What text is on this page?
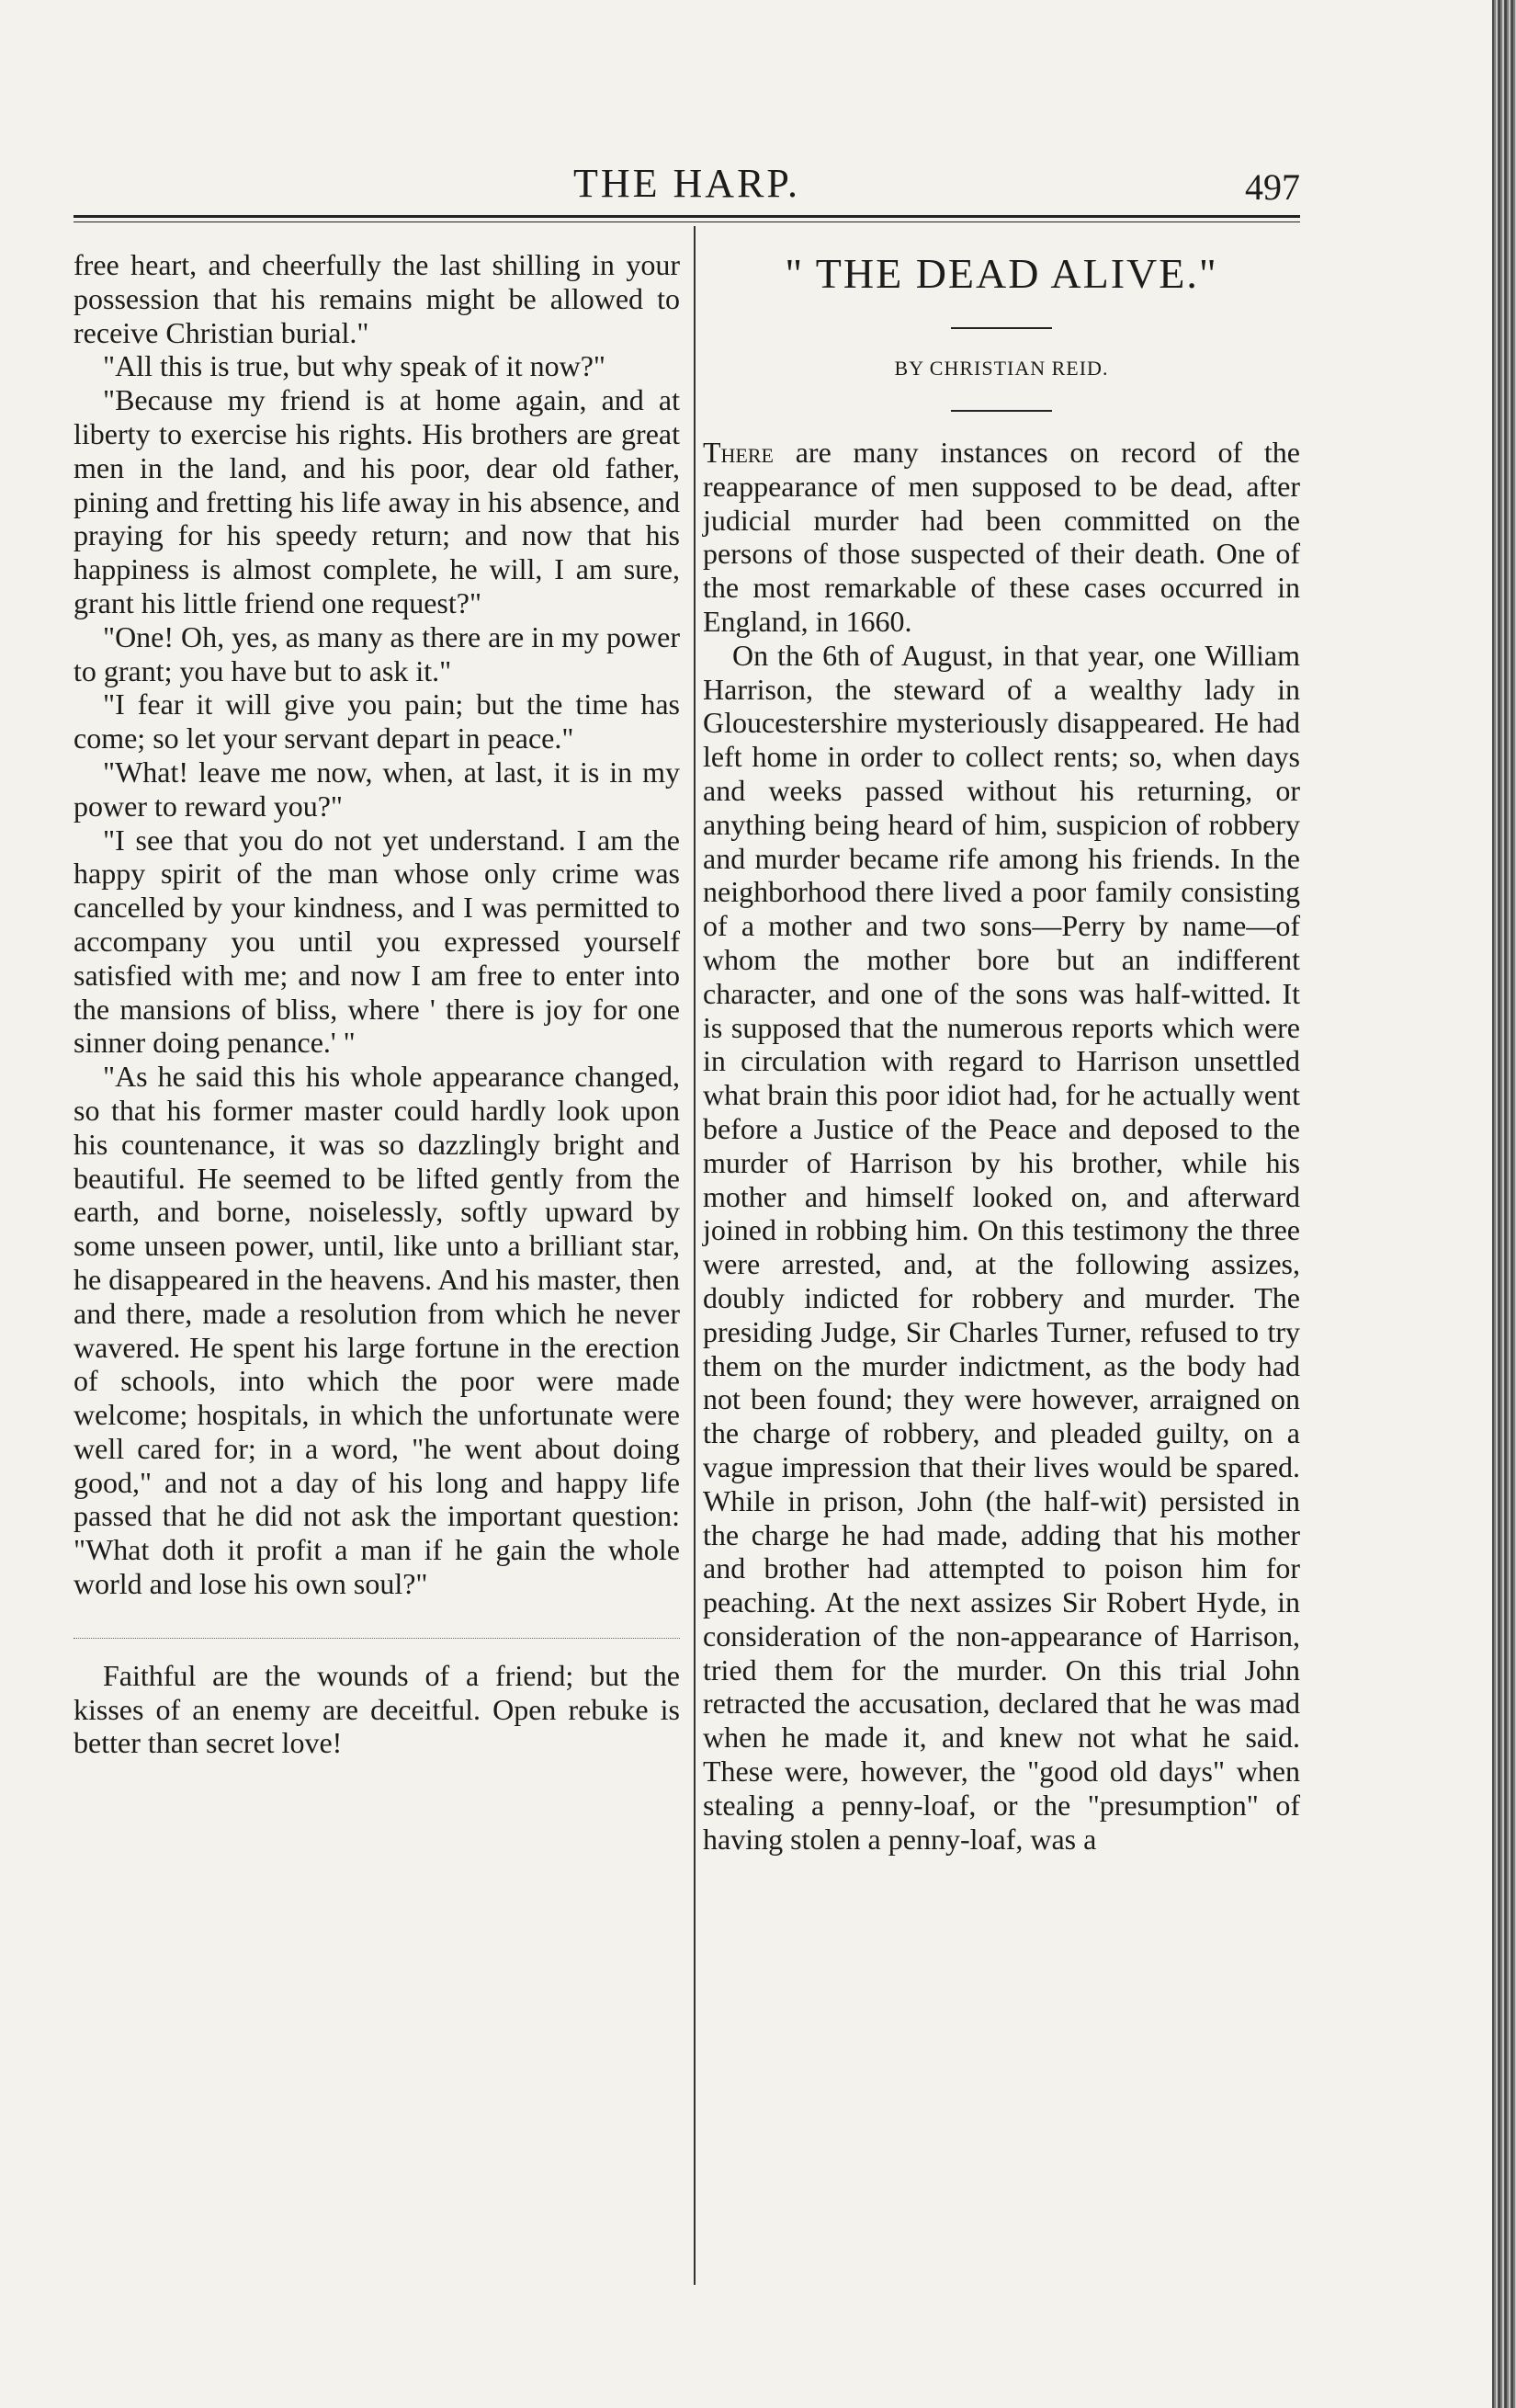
THE HARP.	497

free heart, and cheerfully the last shilling in your possession that his remains might be allowed to receive Christian burial."

"All this is true, but why speak of it now?"

"Because my friend is at home again, and at liberty to exercise his rights. His brothers are great men in the land, and his poor, dear old father, pining and fretting his life away in his absence, and praying for his speedy return; and now that his happiness is almost complete, he will, I am sure, grant his little friend one request?"

"One! Oh, yes, as many as there are in my power to grant; you have but to ask it."

"I fear it will give you pain; but the time has come; so let your servant depart in peace."

"What! leave me now, when, at last, it is in my power to reward you?"

"I see that you do not yet understand. I am the happy spirit of the man whose only crime was cancelled by your kindness, and I was permitted to accompany you until you expressed yourself satisfied with me; and now I am free to enter into the mansions of bliss, where ' there is joy for one sinner doing penance.' "

"As he said this his whole appearance changed, so that his former master could hardly look upon his countenance, it was so dazzlingly bright and beautiful. He seemed to be lifted gently from the earth, and borne, noiselessly, softly upward by some unseen power, until, like unto a brilliant star, he disappeared in the heavens. And his master, then and there, made a resolution from which he never wavered. He spent his large fortune in the erection of schools, into which the poor were made welcome; hospitals, in which the unfortunate were well cared for; in a word, "he went about doing good," and not a day of his long and happy life passed that he did not ask the important question: "What doth it profit a man if he gain the whole world and lose his own soul?"

Faithful are the wounds of a friend; but the kisses of an enemy are deceitful. Open rebuke is better than secret love!

" THE DEAD ALIVE."
BY CHRISTIAN REID.

There are many instances on record of the reappearance of men supposed to be dead, after judicial murder had been committed on the persons of those suspected of their death. One of the most remarkable of these cases occurred in England, in 1660.

On the 6th of August, in that year, one William Harrison, the steward of a wealthy lady in Gloucestershire mysteriously disappeared. He had left home in order to collect rents; so, when days and weeks passed without his returning, or anything being heard of him, suspicion of robbery and murder became rife among his friends. In the neighborhood there lived a poor family consisting of a mother and two sons—Perry by name—of whom the mother bore but an indifferent character, and one of the sons was half-witted. It is supposed that the numerous reports which were in circulation with regard to Harrison unsettled what brain this poor idiot had, for he actually went before a Justice of the Peace and deposed to the murder of Harrison by his brother, while his mother and himself looked on, and afterward joined in robbing him. On this testimony the three were arrested, and, at the following assizes, doubly indicted for robbery and murder. The presiding Judge, Sir Charles Turner, refused to try them on the murder indictment, as the body had not been found; they were however, arraigned on the charge of robbery, and pleaded guilty, on a vague impression that their lives would be spared. While in prison, John (the half-wit) persisted in the charge he had made, adding that his mother and brother had attempted to poison him for peaching. At the next assizes Sir Robert Hyde, in consideration of the non-appearance of Harrison, tried them for the murder. On this trial John retracted the accusation, declared that he was mad when he made it, and knew not what he said. These were, however, the "good old days" when stealing a penny-loaf, or the "presumption" of having stolen a penny-loaf, was a
